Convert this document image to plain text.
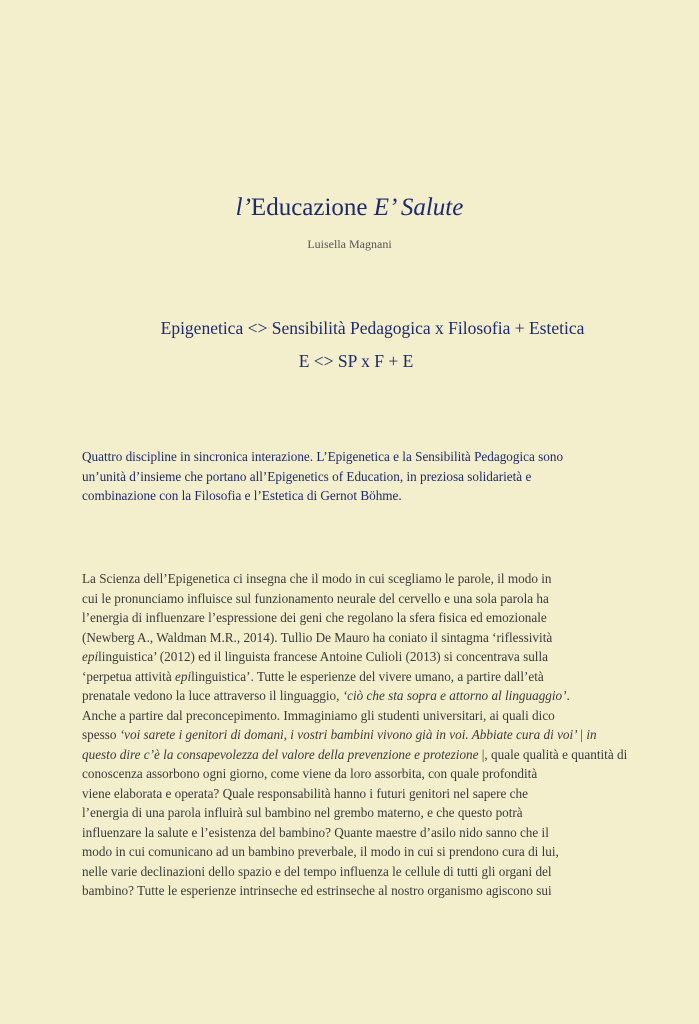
l’Educazione E’ Salute
Luisella Magnani
Epigenetica <> Sensibilità Pedagogica x Filosofia + Estetica
E <> SP x F + E
Quattro discipline in sincronica interazione. L’Epigenetica e la Sensibilità Pedagogica sono
un’unità d’insieme che portano all’Epigenetics of Education, in preziosa solidarietà e
combinazione con la Filosofia e l’Estetica di Gernot Böhme.
La Scienza dell’Epigenetica ci insegna che il modo in cui scegliamo le parole, il modo in
cui le pronunciamo influisce sul funzionamento neurale del cervello e una sola parola ha
l’energia di influenzare l’espressione dei geni che regolano la sfera fisica ed emozionale
(Newberg A., Waldman M.R., 2014). Tullio De Mauro ha coniato il sintagma ‘riflessività
epilinguistica’ (2012) ed il linguista francese Antoine Culioli (2013) si concentrava sulla
‘perpetua attività epilinguistica’. Tutte le esperienze del vivere umano, a partire dall’età
prenatale vedono la luce attraverso il linguaggio, ‘ciò che sta sopra e attorno al linguaggio’.
Anche a partire dal preconcepimento. Immaginiamo gli studenti universitari, ai quali dico
spesso ‘voi sarete i genitori di domani, i vostri bambini vivono già in voi. Abbiate cura di voi’ | in
questo dire c’è la consapevolezza del valore della prevenzione e protezione |, quale qualità e quantità di
conoscenza assorbono ogni giorno, come viene da loro assorbita, con quale profondità
viene elaborata e operata? Quale responsabilità hanno i futuri genitori nel sapere che
l’energia di una parola influirà sul bambino nel grembo materno, e che questo potrà
influenzare la salute e l’esistenza del bambino? Quante maestre d’asilo nido sanno che il
modo in cui comunicano ad un bambino preverbale, il modo in cui si prendono cura di lui,
nelle varie declinazioni dello spazio e del tempo influenza le cellule di tutti gli organi del
bambino? Tutte le esperienze intrinseche ed estrinseche al nostro organismo agiscono sui
